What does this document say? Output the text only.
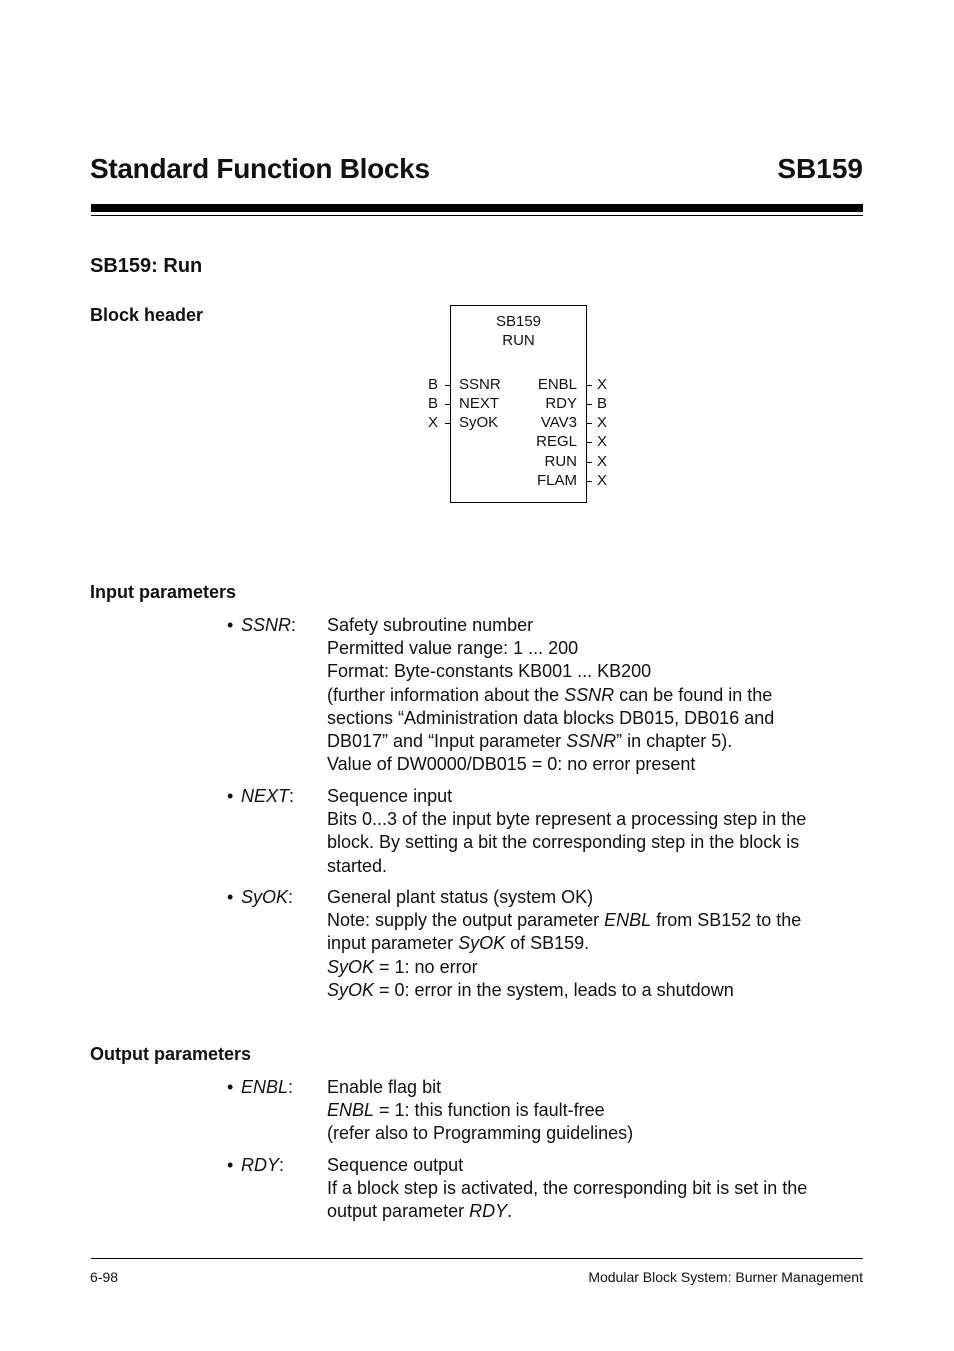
Standard Function Blocks	SB159
SB159: Run
Block header	SB159
RUN
B SSNR
B NEXT
X SyOK
ENBL X
RDY B
VAV3 X
REGL X
RUN X
FLAM X
Input parameters
• SSNR: Safety subroutine number
Permitted value range: 1 ... 200
Format: Byte-constants KB001 ... KB200
(further information about the SSNR can be found in the
sections “Administration data blocks DB015, DB016 and
DB017” and “Input parameter SSNR” in chapter 5).
Value of DW0000/DB015 = 0: no error present
• NEXT: Sequence input
Bits 0...3 of the input byte represent a processing step in the
block. By setting a bit the corresponding step in the block is
started.
• SyOK: General plant status (system OK)
Note: supply the output parameter ENBL from SB152 to the
input parameter SyOK of SB159.
SyOK = 1: no error
SyOK = 0: error in the system, leads to a shutdown
Output parameters
• ENBL: Enable flag bit
ENBL = 1: this function is fault-free
(refer also to Programming guidelines)
• RDY: Sequence output
If a block step is activated, the corresponding bit is set in the
output parameter RDY.
6-98	Modular Block System: Burner Management
